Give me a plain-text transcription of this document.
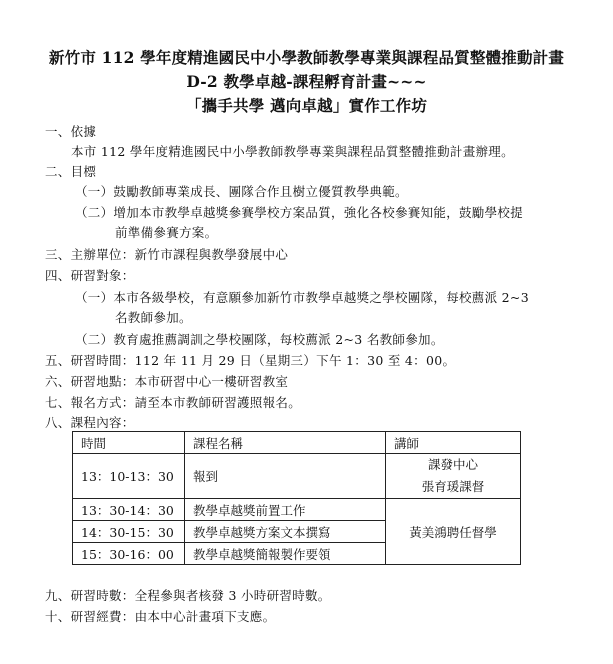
新竹市 112 學年度精進國民中小學教師教學專業與課程品質整體推動計畫
D-2 教學卓越-課程孵育計畫~~~
「攜手共學 邁向卓越」實作工作坊
一、依據
本市 112 學年度精進國民中小學教師教學專業與課程品質整體推動計畫辦理。
二、目標
（一）鼓勵教師專業成長、團隊合作且樹立優質教學典範。
（二）增加本市教學卓越獎參賽學校方案品質，強化各校參賽知能，鼓勵學校提
前準備參賽方案。
三、主辦單位：新竹市課程與教學發展中心
四、研習對象：
（一）本市各級學校，有意願參加新竹市教學卓越獎之學校團隊，每校薦派 2~3
名教師參加。
（二）教育處推薦調訓之學校團隊，每校薦派 2~3 名教師參加。
五、研習時間：112 年 11 月 29 日（星期三）下午 1：30 至 4：00。
六、研習地點：本市研習中心一樓研習教室
七、報名方式：請至本市教師研習護照報名。
八、課程內容：
時間	課程名稱	講師
13：10-13：30	報到	課發中心
張育瑗課督

13：30-14：30	教學卓越獎前置工作	黃美鴻聘任督學
14：30-15：30	教學卓越獎方案文本撰寫	
15：30-16：00	教學卓越獎簡報製作要領	
九、研習時數：全程參與者核發 3 小時研習時數。
十、研習經費：由本中心計畫項下支應。
